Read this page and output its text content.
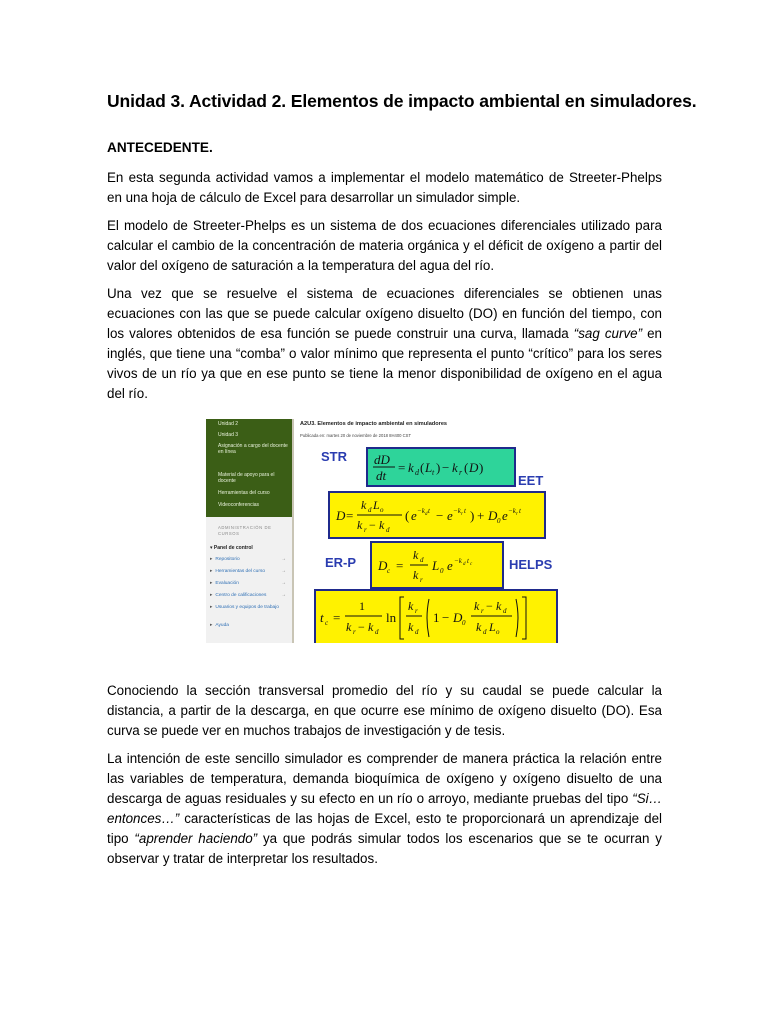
Unidad 3. Actividad 2. Elementos de impacto ambiental en simuladores.
ANTECEDENTE.
En esta segunda actividad vamos a implementar el modelo matemático de Streeter-Phelps en una hoja de cálculo de Excel para desarrollar un simulador simple.
El modelo de Streeter-Phelps es un sistema de dos ecuaciones diferenciales utilizado para calcular el cambio de la concentración de materia orgánica y el déficit de oxígeno a partir del valor del oxígeno de saturación a la temperatura del agua del río.
Una vez que se resuelve el sistema de ecuaciones diferenciales se obtienen unas ecuaciones con las que se puede calcular oxígeno disuelto (DO) en función del tiempo, con los valores obtenidos de esa función se puede construir una curva, llamada “sag curve” en inglés, que tiene una “comba” o valor mínimo que representa el punto “crítico” para los seres vivos de un río ya que en ese punto se tiene la menor disponibilidad de oxígeno en el agua del río.
Unidad 2
Unidad 3
Asignación a cargo del docente en línea
Material de apoyo para el docente
Herramientas del curso
Videoconferencias
ADMINISTRACIÓN DE CURSOS
▾ Panel de control
▸ Repositorio	→
▸ Herramientas del curso	→
▸ Evaluación	→
▸ Centro de calificaciones	→
▸ Usuarios y equipos de trabajo
▸ Ayuda
A2U3. Elementos de impacto ambiental en simuladores
Publicada en: martes 20 de noviembre de 2018 8H400 CST
STR dD
dt
= k d ( L t ) − k r ( D )
EET
D =
k d L o
k r − k d
( e −k d t − e −k r t ) + D 0 e −k r t
ER-P D c =
k d
k r
L 0 e −k d t c	HELPS
t c =
1
k r − k d
ln
k r
k d
1 − D 0
k r − k d
k d L o
Conociendo la sección transversal promedio del río y su caudal se puede calcular la distancia, a partir de la descarga, en que ocurre ese mínimo de oxígeno disuelto (DO). Esa curva se puede ver en muchos trabajos de investigación y de tesis.
La intención de este sencillo simulador es comprender de manera práctica la relación entre las variables de temperatura, demanda bioquímica de oxígeno y oxígeno disuelto de una descarga de aguas residuales y su efecto en un río o arroyo, mediante pruebas del tipo “Si… entonces…” características de las hojas de Excel, esto te proporcionará un aprendizaje del tipo “aprender haciendo” ya que podrás simular todos los escenarios que se te ocurran y observar y tratar de interpretar los resultados.
